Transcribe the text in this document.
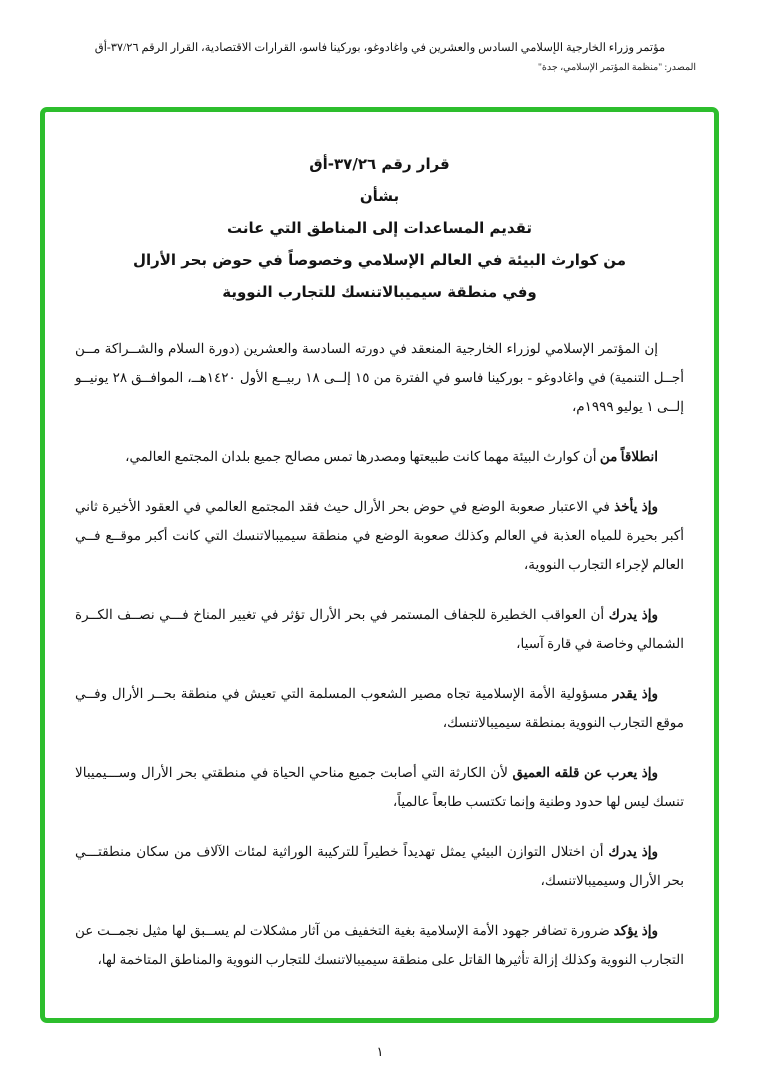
مؤتمر وزراء الخارجية الإسلامي السادس والعشرين في واغادوغو، بوركينا فاسو، القرارات الاقتصادية، القرار الرقم ٣٧/٢٦-أق
المصدر: "منظمة المؤتمر الإسلامي، جدة"
قرار رقم ٣٧/٢٦-أق
بشأن
تقديم المساعدات إلى المناطق التي عانت
من كوارث البيئة في العالم الإسلامي وخصوصاً في حوض بحر الأرال
وفي منطقة سيميبالاتنسك للتجارب النووية

إن المؤتمر الإسلامي لوزراء الخارجية المنعقد في دورته السادسة والعشرين (دورة السلام والشــراكة مــن أجــل التنمية) في واغادوغو - بوركينا فاسو في الفترة من ١٥ إلــى ١٨ ربيــع الأول ١٤٢٠هــ، الموافــق ٢٨ يونيــو إلــى ١ يوليو ١٩٩٩م،

انطلاقاً من أن كوارث البيئة مهما كانت طبيعتها ومصدرها تمس مصالح جميع بلدان المجتمع العالمي،

وإذ يأخذ في الاعتبار صعوبة الوضع في حوض بحر الأرال حيث فقد المجتمع العالمي في العقود الأخيرة ثاني أكبر بحيرة للمياه العذبة في العالم وكذلك صعوبة الوضع في منطقة سيميبالاتنسك التي كانت أكبر موقــع فــي العالم لإجراء التجارب النووية،

وإذ يدرك أن العواقب الخطيرة للجفاف المستمر في بحر الأرال تؤثر في تغيير المناخ فـــي نصــف الكــرة الشمالي وخاصة في قارة آسيا،

وإذ يقدر مسؤولية الأمة الإسلامية تجاه مصير الشعوب المسلمة التي تعيش في منطقة بحــر الأرال وفــي موقع التجارب النووية بمنطقة سيميبالاتنسك،

وإذ يعرب عن قلقه العميق لأن الكارثة التي أصابت جميع مناحي الحياة في منطقتي بحر الأرال وســـيميبالا تنسك ليس لها حدود وطنية وإنما تكتسب طابعاً عالمياً،

وإذ يدرك أن اختلال التوازن البيئي يمثل تهديداً خطيراً للتركيبة الوراثية لمئات الآلاف من سكان منطقتـــي بحر الأرال وسيميبالاتنسك،

وإذ يؤكد ضرورة تضافر جهود الأمة الإسلامية بغية التخفيف من آثار مشكلات لم يســبق لها مثيل نجمــت عن التجارب النووية وكذلك إزالة تأثيرها القاتل على منطقة سيميبالاتنسك للتجارب النووية والمناطق المتاخمة لها،

١
